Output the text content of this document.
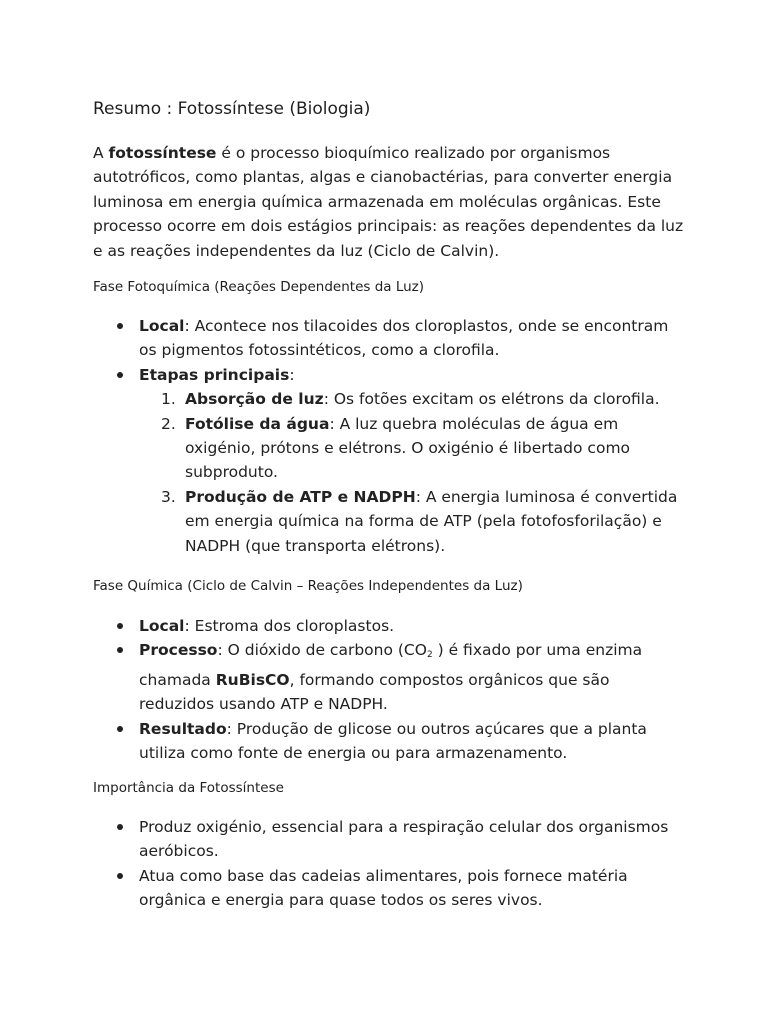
Resumo : Fotossíntese (Biologia)

A fotossíntese é o processo bioquímico realizado por organismos autotróficos, como plantas, algas e cianobactérias, para converter energia luminosa em energia química armazenada em moléculas orgânicas. Este processo ocorre em dois estágios principais: as reações dependentes da luz e as reações independentes da luz (Ciclo de Calvin).

Fase Fotoquímica (Reações Dependentes da Luz)
Local: Acontece nos tilacoides dos cloroplastos, onde se encontram os pigmentos fotossintéticos, como a clorofila.
Etapas principais:
1. Absorção de luz: Os fotões excitam os elétrons da clorofila.
2. Fotólise da água: A luz quebra moléculas de água em oxigénio, prótons e elétrons. O oxigénio é libertado como subproduto.
3. Produção de ATP e NADPH: A energia luminosa é convertida em energia química na forma de ATP (pela fotofosforilação) e NADPH (que transporta elétrons).
Fase Química (Ciclo de Calvin – Reações Independentes da Luz)
Local: Estroma dos cloroplastos.
Processo: O dióxido de carbono ($CO_2$ ) é fixado por uma enzima chamada RuBisCO, formando compostos orgânicos que são reduzidos usando ATP e NADPH.
Resultado: Produção de glicose ou outros açúcares que a planta utiliza como fonte de energia ou para armazenamento.
Importância da Fotossíntese
Produz oxigénio, essencial para a respiração celular dos organismos aeróbicos.
Atua como base das cadeias alimentares, pois fornece matéria orgânica e energia para quase todos os seres vivos.
